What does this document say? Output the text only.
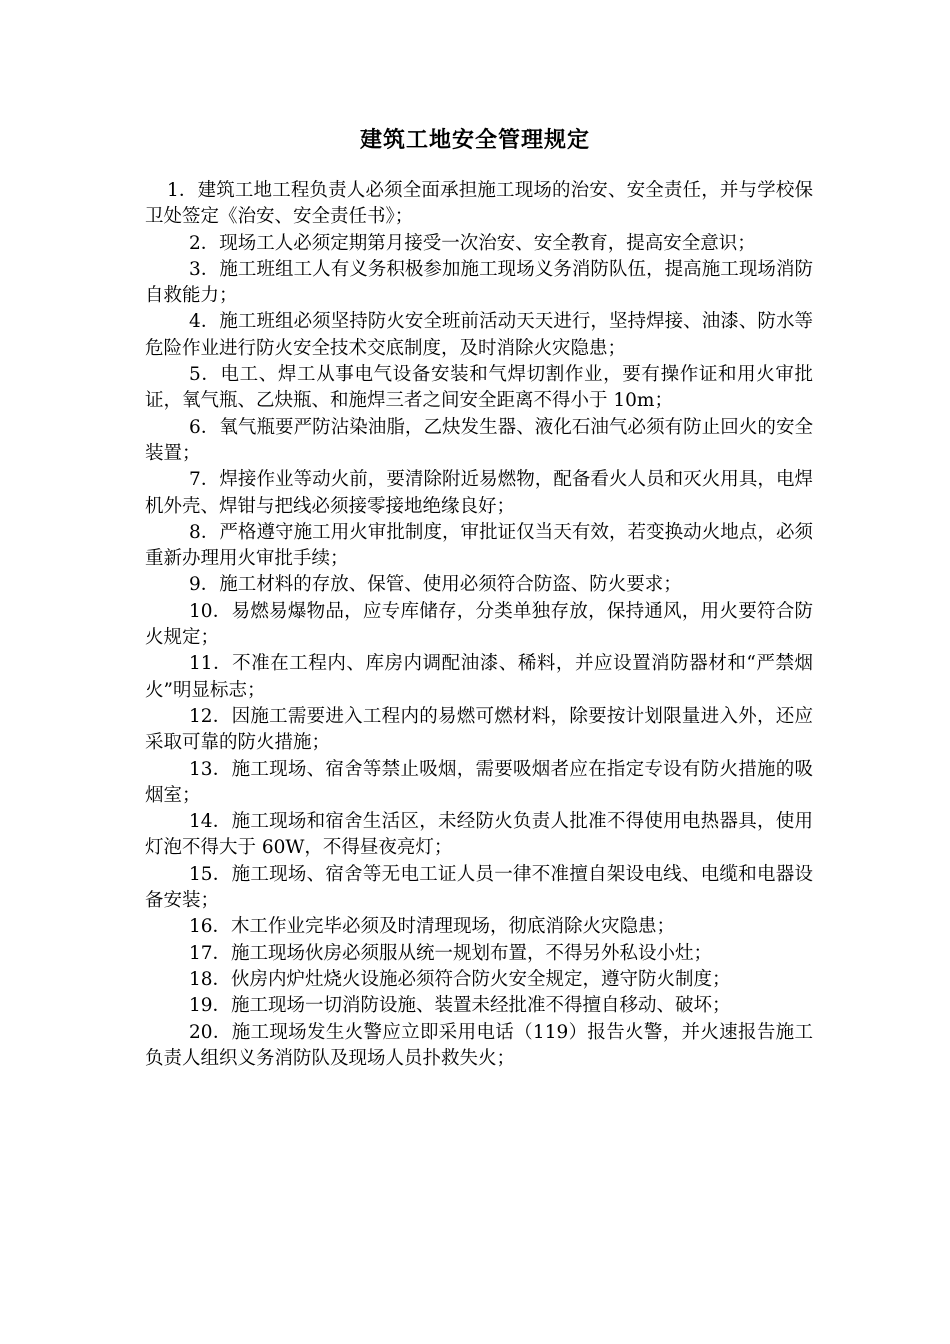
建筑工地安全管理规定

1．建筑工地工程负责人必须全面承担施工现场的治安、安全责任，并与学校保卫处签定《治安、安全责任书》；

2．现场工人必须定期第月接受一次治安、安全教育，提高安全意识；

3．施工班组工人有义务积极参加施工现场义务消防队伍，提高施工现场消防自救能力；

4．施工班组必须坚持防火安全班前活动天天进行，坚持焊接、油漆、防水等危险作业进行防火安全技术交底制度，及时消除火灾隐患；

5．电工、焊工从事电气设备安装和气焊切割作业，要有操作证和用火审批证，氧气瓶、乙炔瓶、和施焊三者之间安全距离不得小于 10m；

6．氧气瓶要严防沾染油脂，乙炔发生器、液化石油气必须有防止回火的安全装置；

7．焊接作业等动火前，要清除附近易燃物，配备看火人员和灭火用具，电焊机外壳、焊钳与把线必须接零接地绝缘良好；

8．严格遵守施工用火审批制度，审批证仅当天有效，若变换动火地点，必须重新办理用火审批手续；

9．施工材料的存放、保管、使用必须符合防盗、防火要求；

10．易燃易爆物品，应专库储存，分类单独存放，保持通风，用火要符合防火规定；

11．不准在工程内、库房内调配油漆、稀料，并应设置消防器材和“严禁烟火”明显标志；

12．因施工需要进入工程内的易燃可燃材料，除要按计划限量进入外，还应采取可靠的防火措施；

13．施工现场、宿舍等禁止吸烟，需要吸烟者应在指定专设有防火措施的吸烟室；

14．施工现场和宿舍生活区，未经防火负责人批准不得使用电热器具，使用灯泡不得大于 60W，不得昼夜亮灯；

15．施工现场、宿舍等无电工证人员一律不准擅自架设电线、电缆和电器设备安装；

16．木工作业完毕必须及时清理现场，彻底消除火灾隐患；

17．施工现场伙房必须服从统一规划布置，不得另外私设小灶；

18．伙房内炉灶烧火设施必须符合防火安全规定，遵守防火制度；

19．施工现场一切消防设施、装置未经批准不得擅自移动、破坏；

20．施工现场发生火警应立即采用电话（119）报告火警，并火速报告施工负责人组织义务消防队及现场人员扑救失火；
